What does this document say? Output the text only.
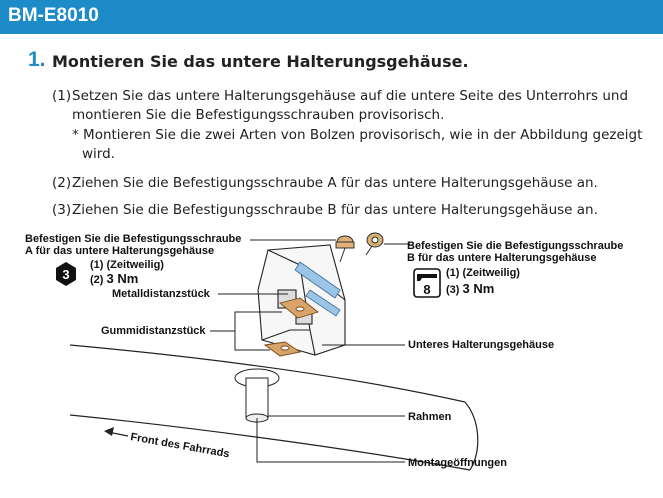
BM-E8010
1. Montieren Sie das untere Halterungsgehäuse.
(1) Setzen Sie das untere Halterungsgehäuse auf die untere Seite des Unterrohrs und
montieren Sie die Befestigungsschrauben provisorisch.
* Montieren Sie die zwei Arten von Bolzen provisorisch, wie in der Abbildung gezeigt
wird.
(2) Ziehen Sie die Befestigungsschraube A für das untere Halterungsgehäuse an.
(3) Ziehen Sie die Befestigungsschraube B für das untere Halterungsgehäuse an.
3
8
Front des Fahrrads
Befestigen Sie die Befestigungsschraube
A für das untere Halterungsgehäuse
(1) (Zeitweilig)
(2) 3 Nm
Befestigen Sie die Befestigungsschraube
B für das untere Halterungsgehäuse
(1) (Zeitweilig)
(3) 3 Nm
Metalldistanzstück
Gummidistanzstück
Unteres Halterungsgehäuse
Rahmen
Montageöffnungen
